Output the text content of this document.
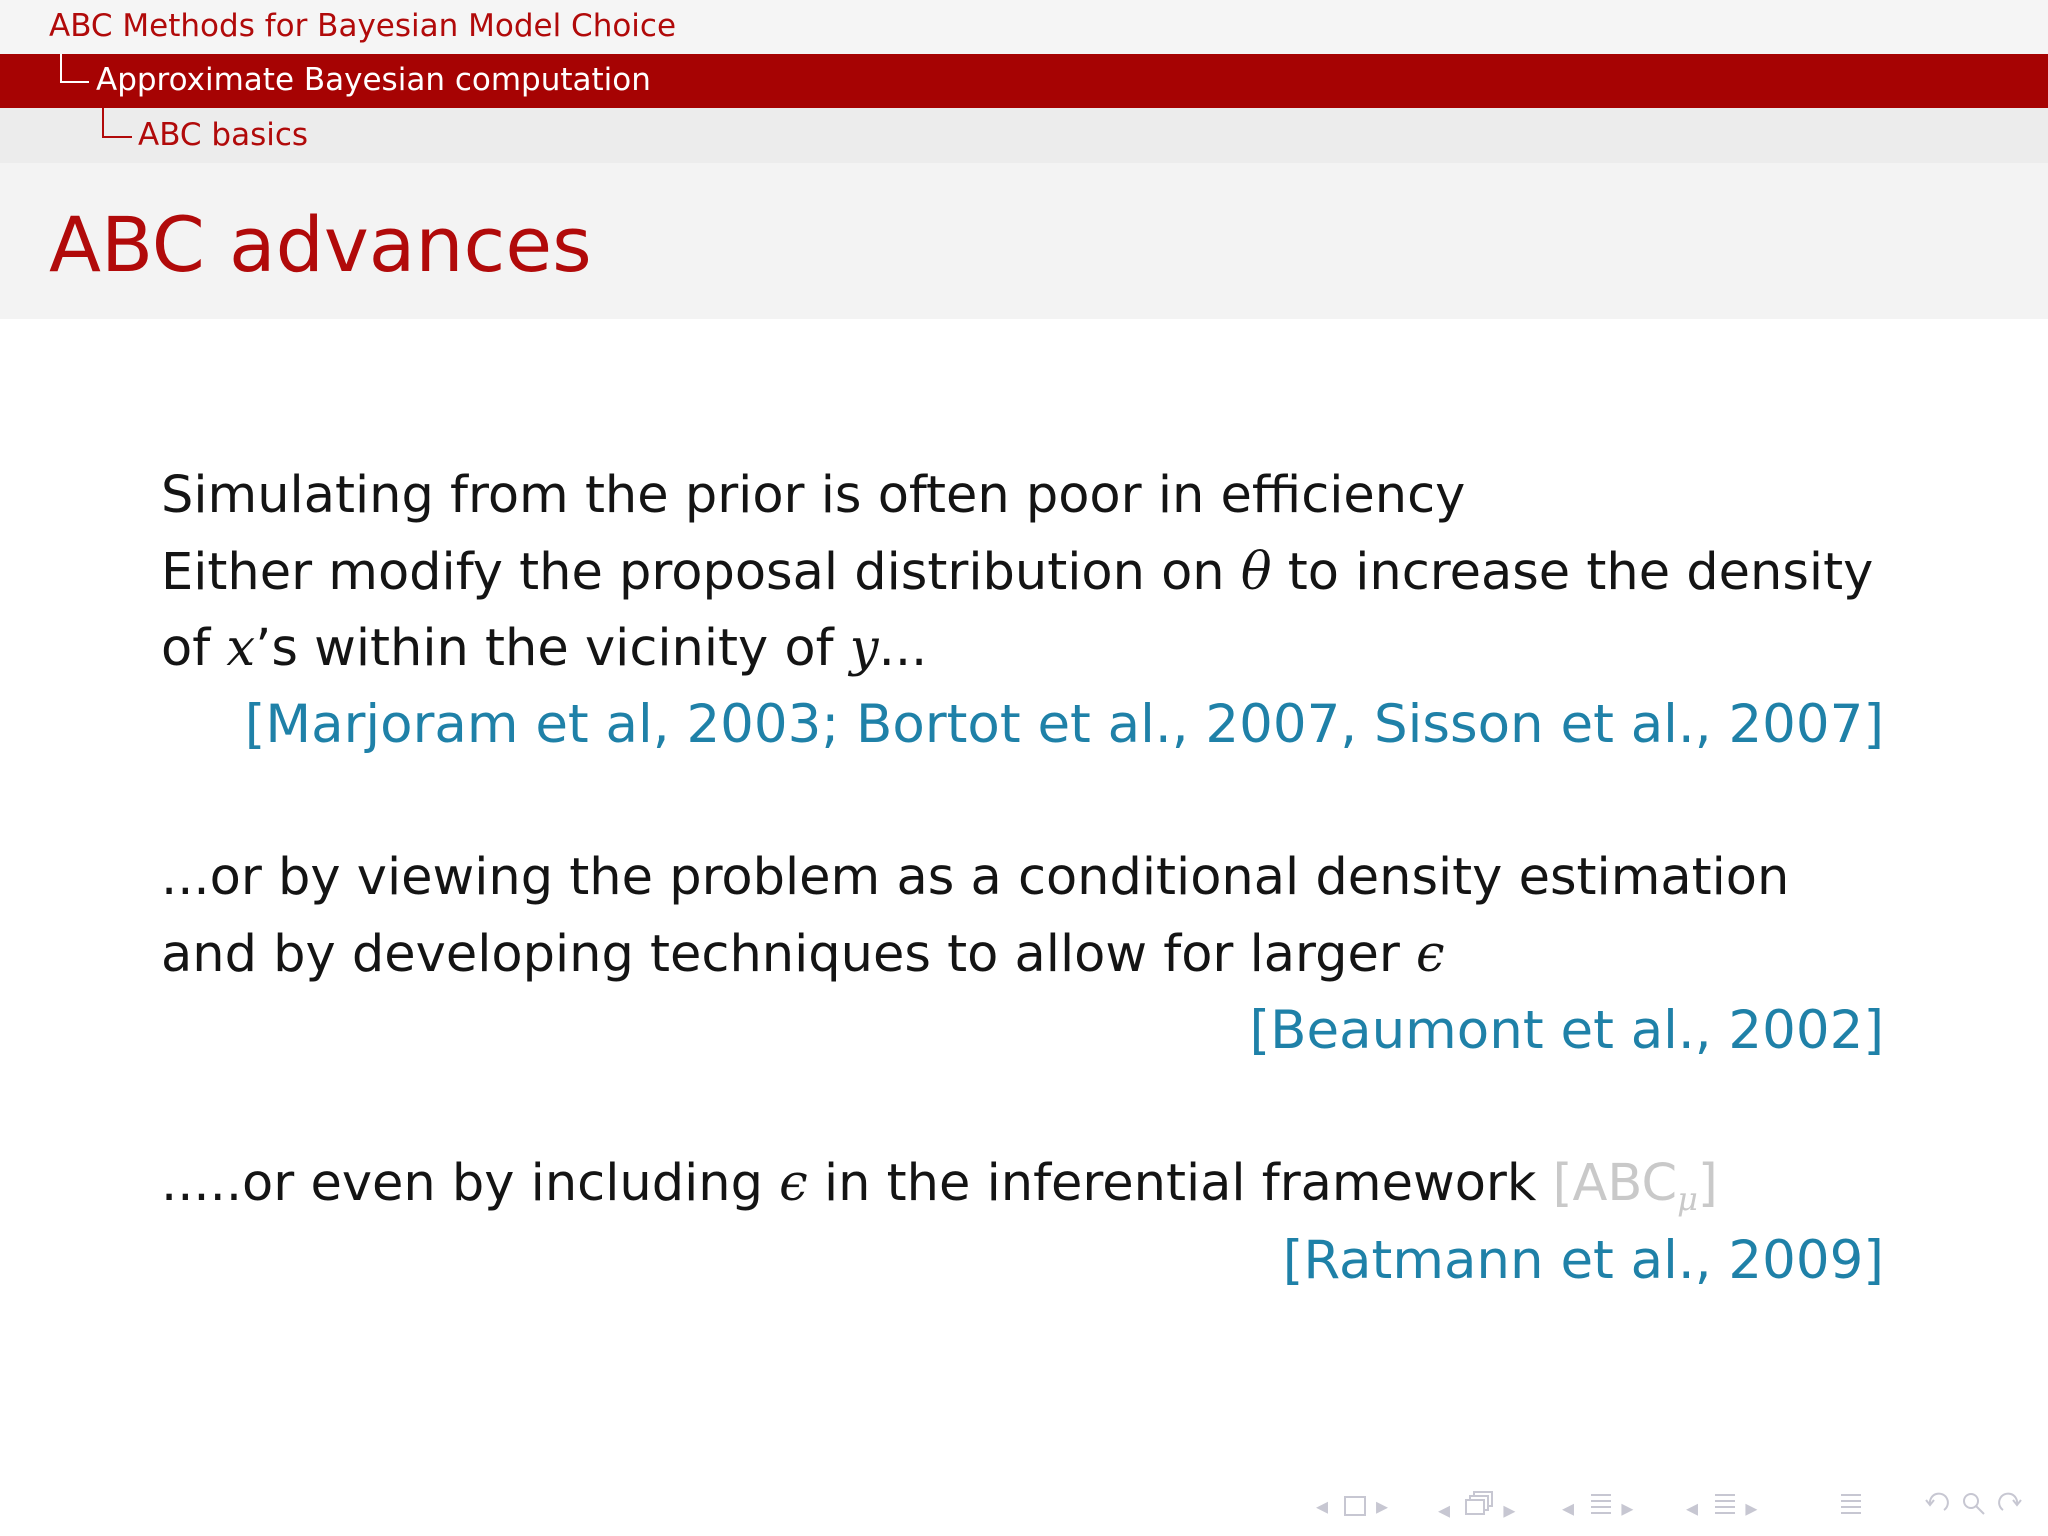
ABC Methods for Bayesian Model Choice
Approximate Bayesian computation
ABC basics
ABC advances
Simulating from the prior is often poor in efficiency
Either modify the proposal distribution on θ to increase the density
of x’s within the vicinity of y...
[Marjoram et al, 2003; Bortot et al., 2007, Sisson et al., 2007]
...or by viewing the problem as a conditional density estimation
and by developing techniques to allow for larger ϵ
[Beaumont et al., 2002]
.....or even by including ϵ in the inferential framework $[ABC_\mu]$
[Ratmann et al., 2009]
◂ ▸ ◂ ▸ ◂ ▸ ◂ ▸
